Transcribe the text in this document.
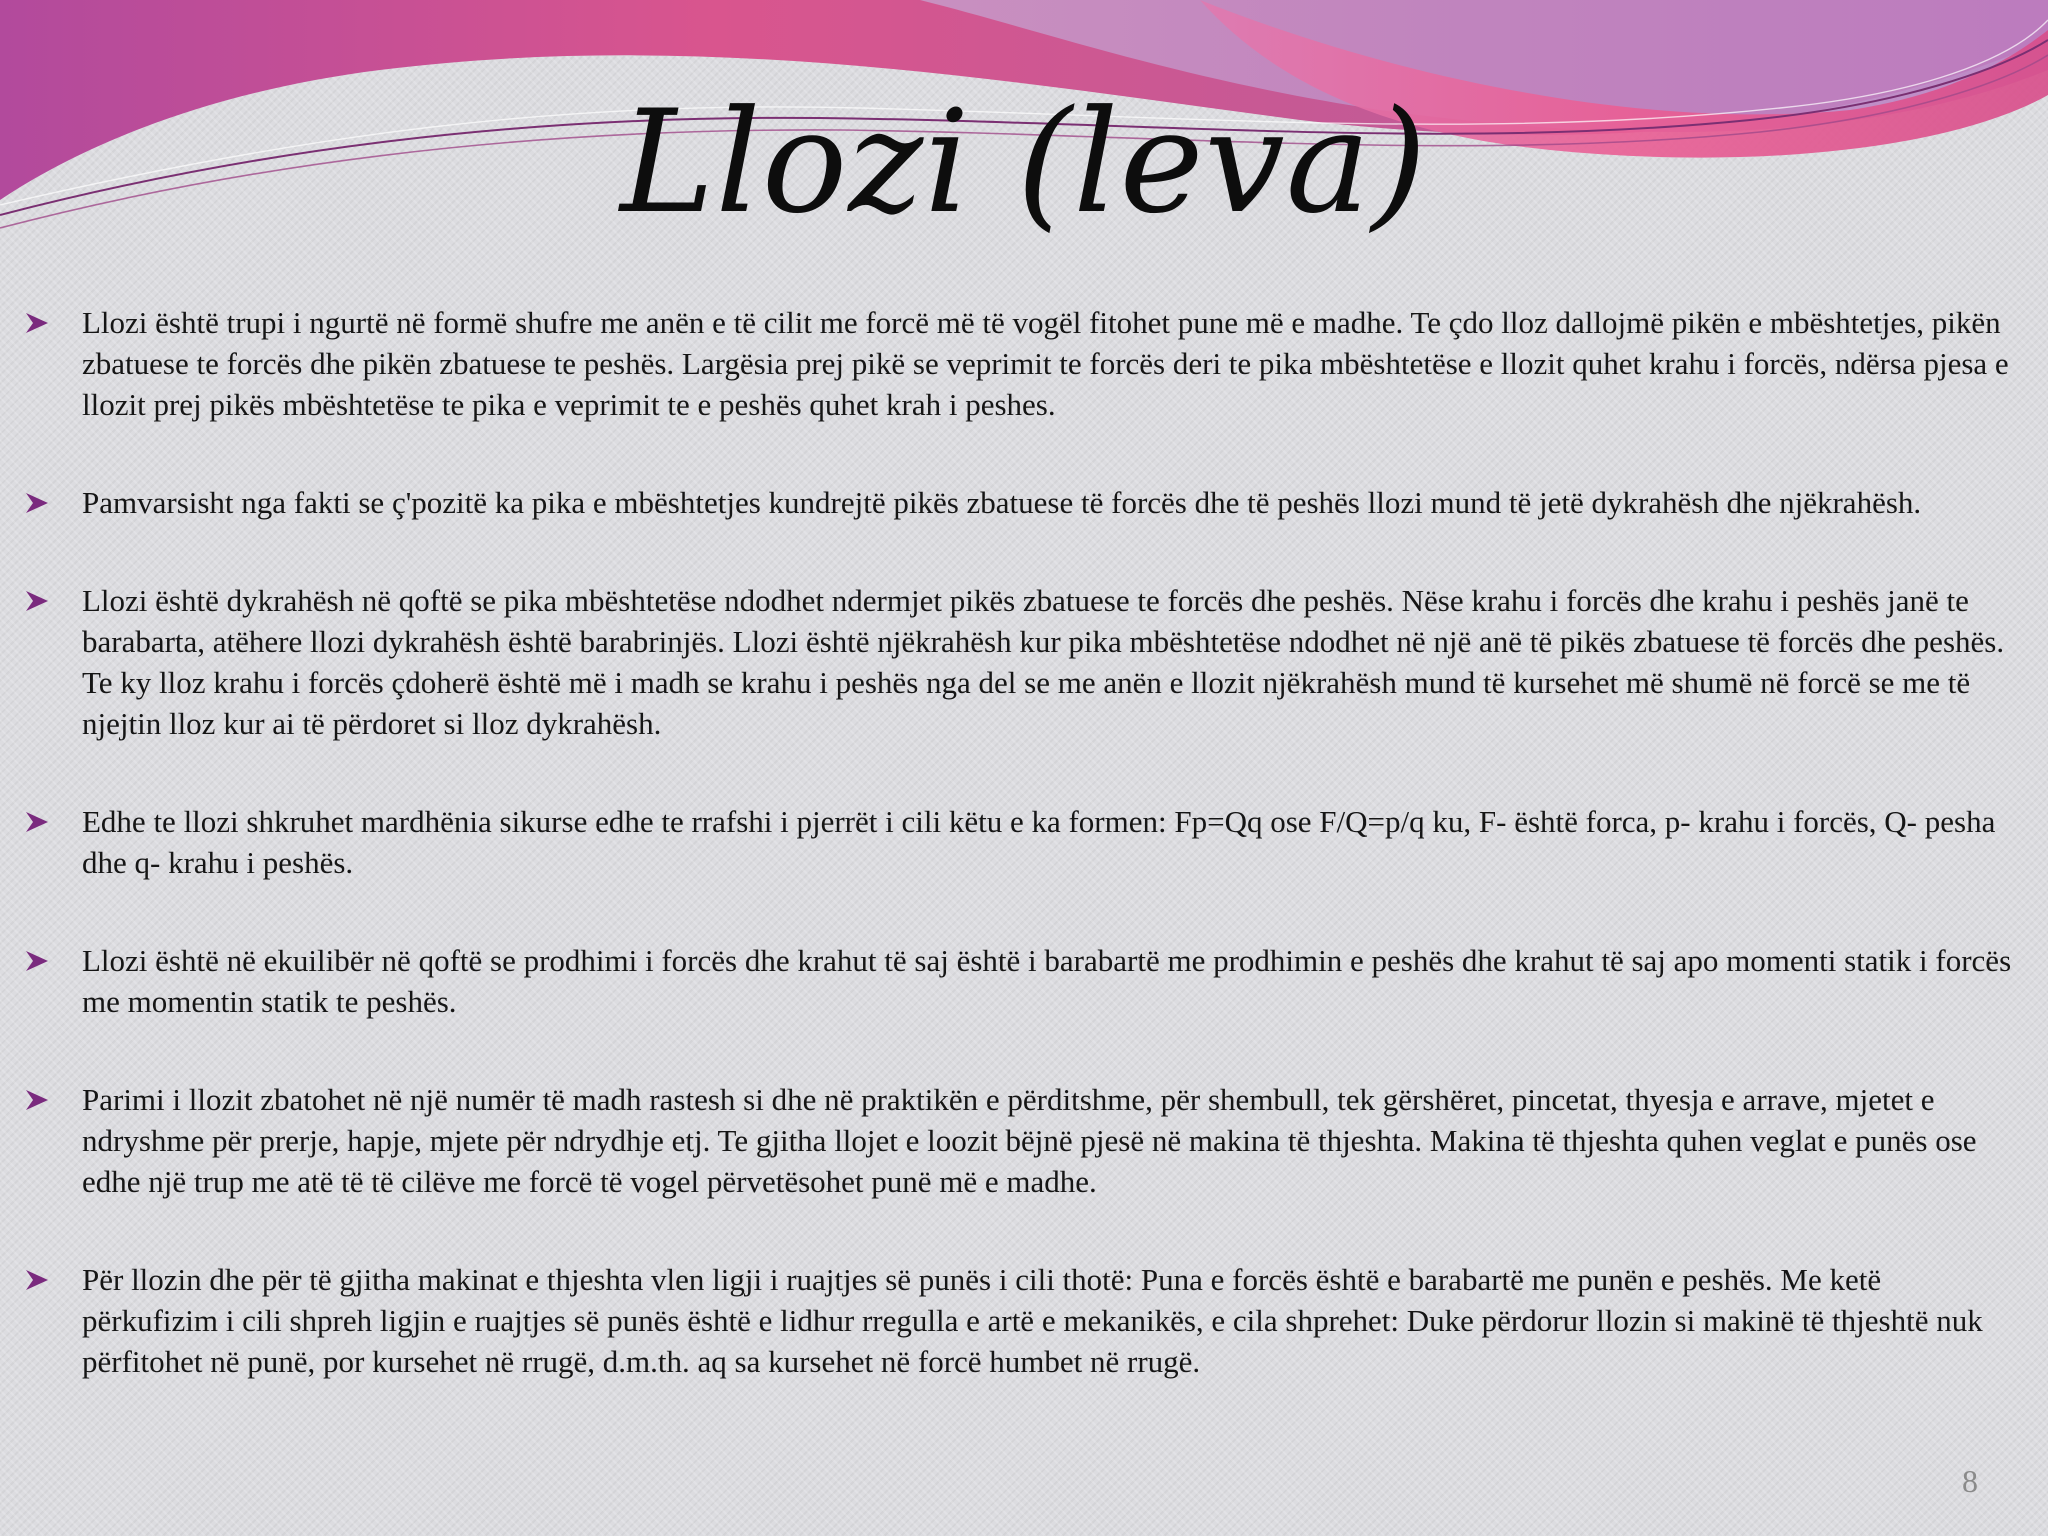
Llozi (leva)
Llozi është trupi i ngurtë në formë shufre me anën e të cilit me forcë më të vogël fitohet pune më e madhe. Te çdo lloz dallojmë pikën e mbështetjes, pikën zbatuese te forcës dhe pikën zbatuese te peshës. Largësia prej pikë se veprimit te forcës deri te pika mbështetëse e llozit quhet krahu i forcës, ndërsa pjesa e llozit prej pikës mbështetëse te pika e veprimit te e peshës quhet krah i peshes.
Pamvarsisht nga fakti se ç'pozitë ka pika e mbështetjes kundrejtë pikës zbatuese të forcës dhe të peshës llozi mund të jetë dykrahësh dhe njëkrahësh.
Llozi është dykrahësh në qoftë se pika mbështetëse ndodhet ndermjet pikës zbatuese te forcës dhe peshës. Nëse krahu i forcës dhe krahu i peshës janë te barabarta, atëhere llozi dykrahësh është barabrinjës. Llozi është njëkrahësh kur pika mbështetëse ndodhet në një anë të pikës zbatuese të forcës dhe peshës. Te ky lloz krahu i forcës çdoherë është më i madh se krahu i peshës nga del se me anën e llozit njëkrahësh mund të kursehet më shumë në forcë se me të njejtin lloz kur ai të përdoret si lloz dykrahësh.
Edhe te llozi shkruhet mardhënia sikurse edhe te rrafshi i pjerrët i cili këtu e ka formen: Fp=Qq ose F/Q=p/q ku, F- është forca, p- krahu i forcës, Q- pesha dhe q- krahu i peshës.
Llozi është në ekuilibër në qoftë se prodhimi i forcës dhe krahut të saj është i barabartë me prodhimin e peshës dhe krahut të saj apo momenti statik i forcës me momentin statik te peshës.
Parimi i llozit zbatohet në një numër të madh rastesh si dhe në praktikën e përditshme, për shembull, tek gërshëret, pincetat, thyesja e arrave, mjetet e ndryshme për prerje, hapje, mjete për ndrydhje etj. Te gjitha llojet e loozit bëjnë pjesë në makina të thjeshta. Makina të thjeshta quhen veglat e punës ose edhe një trup me atë të të cilëve me forcë të vogel përvetësohet punë më e madhe.
Për llozin dhe për të gjitha makinat e thjeshta vlen ligji i ruajtjes së punës i cili thotë: Puna e forcës është e barabartë me punën e peshës. Me ketë përkufizim i cili shpreh ligjin e ruajtjes së punës është e lidhur rregulla e artë e mekanikës, e cila shprehet: Duke përdorur llozin si makinë të thjeshtë nuk përfitohet në punë, por kursehet në rrugë, d.m.th. aq sa kursehet në forcë humbet në rrugë.
8
